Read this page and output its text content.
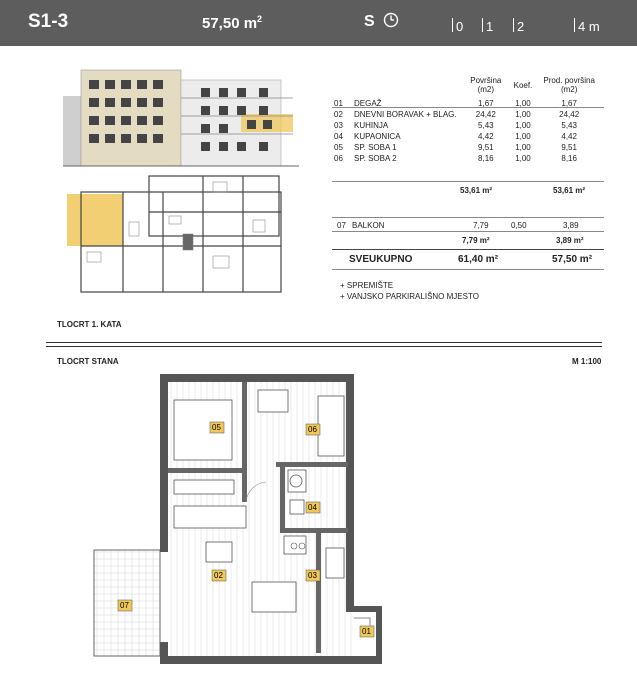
S1-3	57,50 $m^2$	S	0	1	2	4 m
TLOCRT 1. KATA
		Površina (m2)	Koef.	Prod. površina (m2)
01	DEGAŽ	1,67	1,00	1,67
02	DNEVNI BORAVAK + BLAG.	24,42	1,00	24,42
03	KUHINJA	5,43	1,00	5,43
04	KUPAONICA	4,42	1,00	4,42
05	SP. SOBA 1	9,51	1,00	9,51
06	SP. SOBA 2	8,16	1,00	8,16
53,61 m²	53,61 m²
07 BALKON	7,79	0,50	3,89
7,79 m²	3,89 m²
SVEUKUPNO	61,40 m²	57,50 m²
+ SPREMIŠTE
+ VANJSKO PARKIRALIŠNO MJESTO
TLOCRT STANA	M 1:100
05	06
04
02	03
07
01
